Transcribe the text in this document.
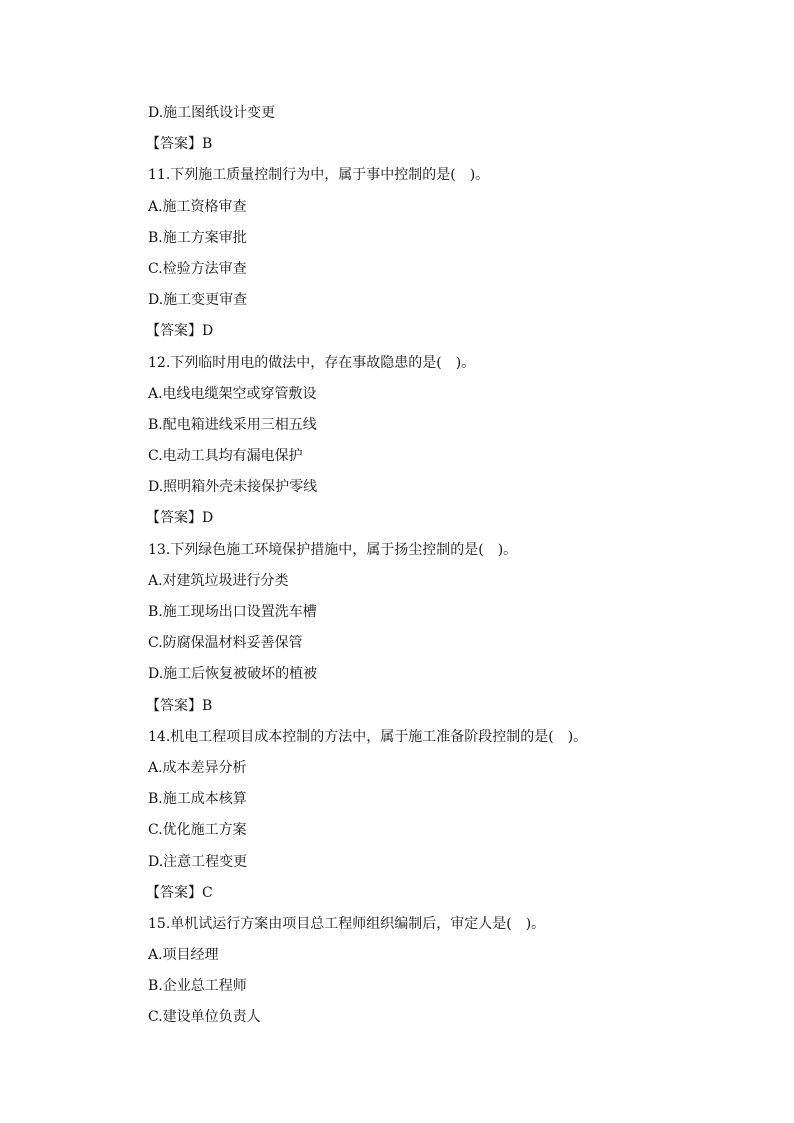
D.施工图纸设计变更
【答案】B
11.下列施工质量控制行为中，属于事中控制的是(　)。
A.施工资格审查
B.施工方案审批
C.检验方法审查
D.施工变更审查
【答案】D
12.下列临时用电的做法中，存在事故隐患的是(　)。
A.电线电缆架空或穿管敷设
B.配电箱进线采用三相五线
C.电动工具均有漏电保护
D.照明箱外壳未接保护零线
【答案】D
13.下列绿色施工环境保护措施中，属于扬尘控制的是(　)。
A.对建筑垃圾进行分类
B.施工现场出口设置洗车槽
C.防腐保温材料妥善保管
D.施工后恢复被破坏的植被
【答案】B
14.机电工程项目成本控制的方法中，属于施工准备阶段控制的是(　)。
A.成本差异分析
B.施工成本核算
C.优化施工方案
D.注意工程变更
【答案】C
15.单机试运行方案由项目总工程师组织编制后，审定人是(　)。
A.项目经理
B.企业总工程师
C.建设单位负责人
